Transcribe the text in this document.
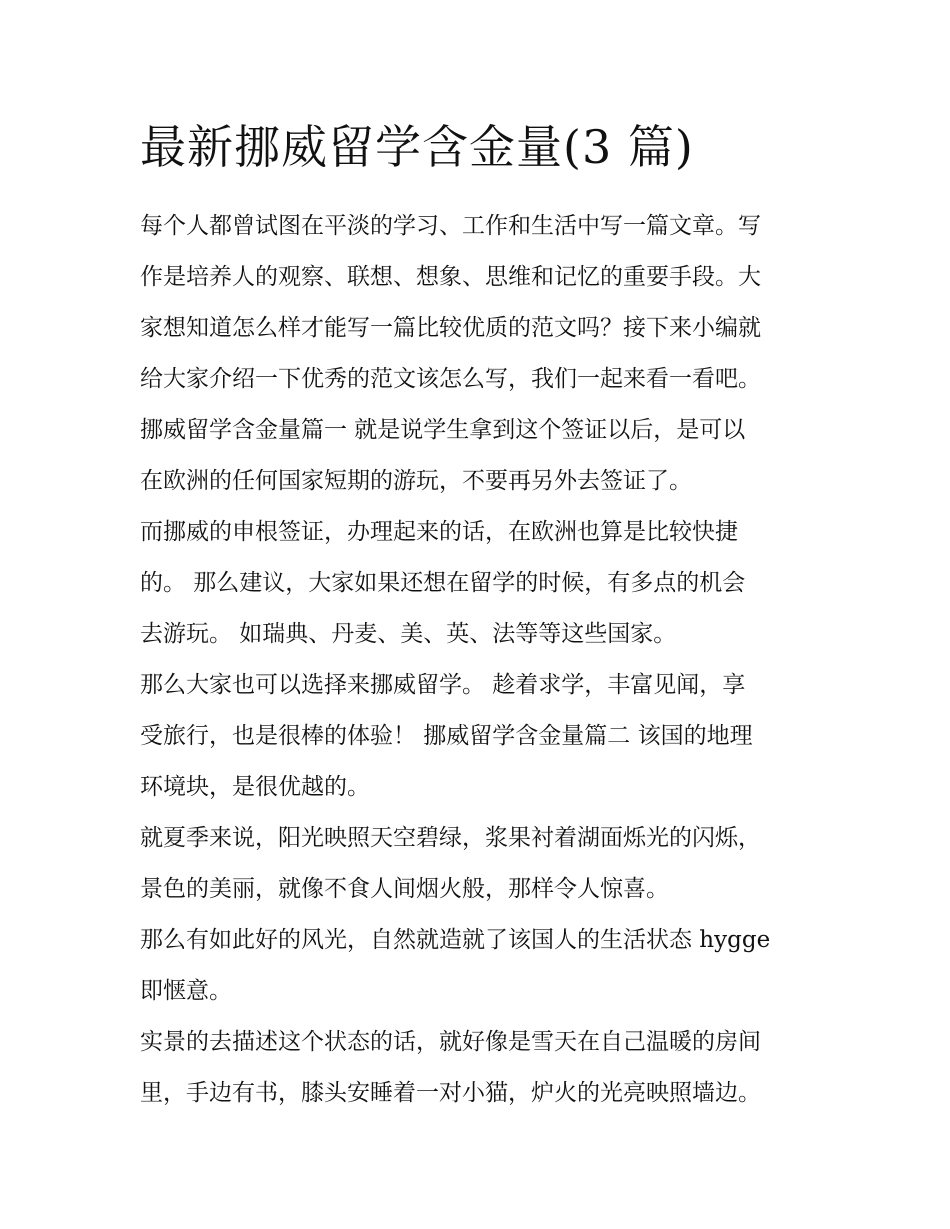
最新挪威留学含金量(3 篇)

每个人都曾试图在平淡的学习、工作和生活中写一篇文章。写
作是培养人的观察、联想、想象、思维和记忆的重要手段。大
家想知道怎么样才能写一篇比较优质的范文吗？接下来小编就
给大家介绍一下优秀的范文该怎么写，我们一起来看一看吧。

挪威留学含金量篇一 就是说学生拿到这个签证以后，是可以
在欧洲的任何国家短期的游玩，不要再另外去签证了。

而挪威的申根签证，办理起来的话，在欧洲也算是比较快捷
的。 那么建议，大家如果还想在留学的时候，有多点的机会
去游玩。 如瑞典、丹麦、美、英、法等等这些国家。

那么大家也可以选择来挪威留学。 趁着求学，丰富见闻，享
受旅行，也是很棒的体验！ 挪威留学含金量篇二 该国的地理
环境块，是很优越的。

就夏季来说，阳光映照天空碧绿，浆果衬着湖面烁光的闪烁，
景色的美丽，就像不食人间烟火般，那样令人惊喜。

那么有如此好的风光，自然就造就了该国人的生活状态 hygge
即惬意。

实景的去描述这个状态的话，就好像是雪天在自己温暖的房间
里，手边有书，膝头安睡着一对小猫，炉火的光亮映照墙边。
